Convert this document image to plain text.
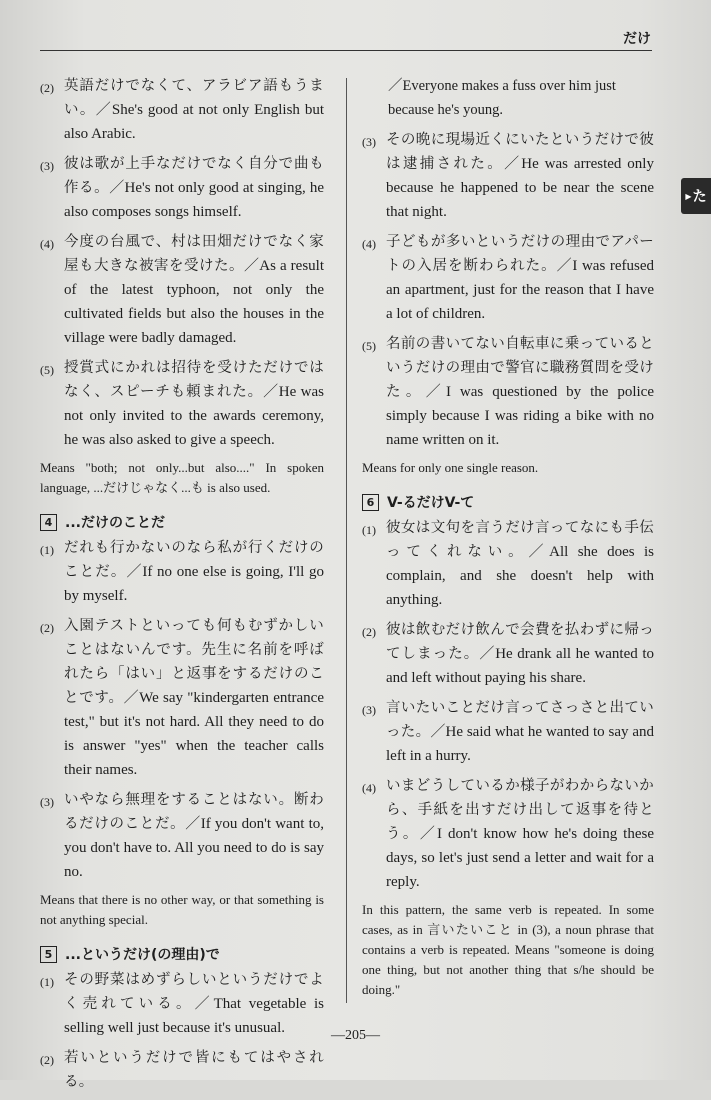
だけ
▶ た
(2) 英語だけでなくて、アラビア語もうまい。／She's good at not only English but also Arabic.
(3) 彼は歌が上手なだけでなく自分で曲も作る。／He's not only good at singing, he also composes songs himself.
(4) 今度の台風で、村は田畑だけでなく家屋も大きな被害を受けた。／As a result of the latest typhoon, not only the cultivated fields but also the houses in the village were badly damaged.
(5) 授賞式にかれは招待を受けただけではなく、スピーチも頼まれた。／He was not only invited to the awards ceremony, he was also asked to give a speech.
Means "both; not only...but also...." In spoken language, ...だけじゃなく...も is also used.
4 ...だけのことだ
(1) だれも行かないのなら私が行くだけのことだ。／If no one else is going, I'll go by myself.
(2) 入園テストといっても何もむずかしいことはないんです。先生に名前を呼ばれたら「はい」と返事をするだけのことです。／We say "kindergarten entrance test," but it's not hard. All they need to do is answer "yes" when the teacher calls their names.
(3) いやなら無理をすることはない。断わるだけのことだ。／If you don't want to, you don't have to. All you need to do is say no.
Means that there is no other way, or that something is not anything special.
5 ...というだけ(の理由)で
(1) その野菜はめずらしいというだけでよく売れている。／That vegetable is selling well just because it's unusual.
(2) 若いというだけで皆にもてはやされる。
／Everyone makes a fuss over him just because he's young.
(3) その晩に現場近くにいたというだけで彼は逮捕された。／He was arrested only because he happened to be near the scene that night.
(4) 子どもが多いというだけの理由でアパートの入居を断わられた。／I was refused an apartment, just for the reason that I have a lot of children.
(5) 名前の書いてない自転車に乗っているというだけの理由で警官に職務質問を受けた。／I was questioned by the police simply because I was riding a bike with no name written on it.
Means for only one single reason.
6 V-るだけV-て
(1) 彼女は文句を言うだけ言ってなにも手伝ってくれない。／All she does is complain, and she doesn't help with anything.
(2) 彼は飲むだけ飲んで会費を払わずに帰ってしまった。／He drank all he wanted to and left without paying his share.
(3) 言いたいことだけ言ってさっさと出ていった。／He said what he wanted to say and left in a hurry.
(4) いまどうしているか様子がわからないから、手紙を出すだけ出して返事を待とう。／I don't know how he's doing these days, so let's just send a letter and wait for a reply.
In this pattern, the same verb is repeated. In some cases, as in 言いたいこと in (3), a noun phrase that contains a verb is repeated. Means "someone is doing one thing, but not another thing that s/he should be doing."
—205—
